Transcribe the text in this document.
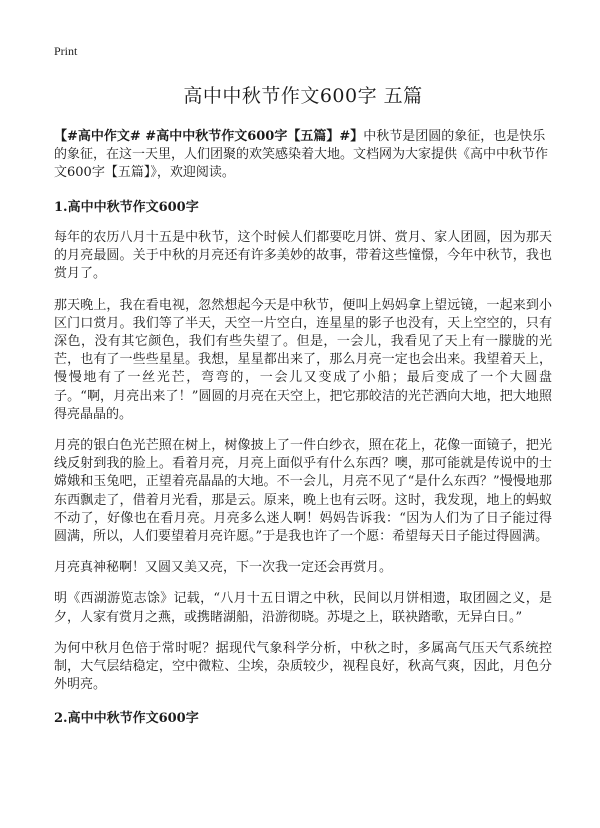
Print
高中中秋节作文600字 五篇

【#高中作文# #高中中秋节作文600字【五篇】#】中秋节是团圆的象征，也是快乐的象征，在这一天里，人们团聚的欢笑感染着大地。文档网为大家提供《高中中秋节作文600字【五篇】》，欢迎阅读。

1.高中中秋节作文600字

每年的农历八月十五是中秋节，这个时候人们都要吃月饼、赏月、家人团圆，因为那天的月亮最圆。关于中秋的月亮还有许多美妙的故事，带着这些憧憬，今年中秋节，我也赏月了。

那天晚上，我在看电视，忽然想起今天是中秋节，便叫上妈妈拿上望远镜，一起来到小区门口赏月。我们等了半天，天空一片空白，连星星的影子也没有，天上空空的，只有深色，没有其它颜色，我们有些失望了。但是，一会儿，我看见了天上有一朦胧的光芒，也有了一些些星星。我想，星星都出来了，那么月亮一定也会出来。我望着天上，慢慢地有了一丝光芒，弯弯的，一会儿又变成了小船；最后变成了一个大圆盘子。“啊，月亮出来了！”圆圆的月亮在天空上，把它那皎洁的光芒洒向大地，把大地照得亮晶晶的。

月亮的银白色光芒照在树上，树像披上了一件白纱衣，照在花上，花像一面镜子，把光线反射到我的脸上。看着月亮，月亮上面似乎有什么东西？噢，那可能就是传说中的士嫦娥和玉兔吧，正望着亮晶晶的大地。不一会儿，月亮不见了“是什么东西？”慢慢地那东西飘走了，借着月光看，那是云。原来，晚上也有云呀。这时，我发现，地上的蚂蚁不动了，好像也在看月亮。月亮多么迷人啊！妈妈告诉我：“因为人们为了日子能过得圆满，所以，人们要望着月亮许愿。”于是我也许了一个愿：希望每天日子能过得圆满。

月亮真神秘啊！又圆又美又亮，下一次我一定还会再赏月。

明《西湖游览志馀》记载，“八月十五日谓之中秋，民间以月饼相遗，取团圆之义，是夕，人家有赏月之燕，或携睹湖船，沿游彻晓。苏堤之上，联袂踏歌，无异白日。”

为何中秋月色倍于常时呢？据现代气象科学分析，中秋之时，多属高气压天气系统控制，大气层结稳定，空中微粒、尘埃，杂质较少，视程良好，秋高气爽，因此，月色分外明亮。

2.高中中秋节作文600字
